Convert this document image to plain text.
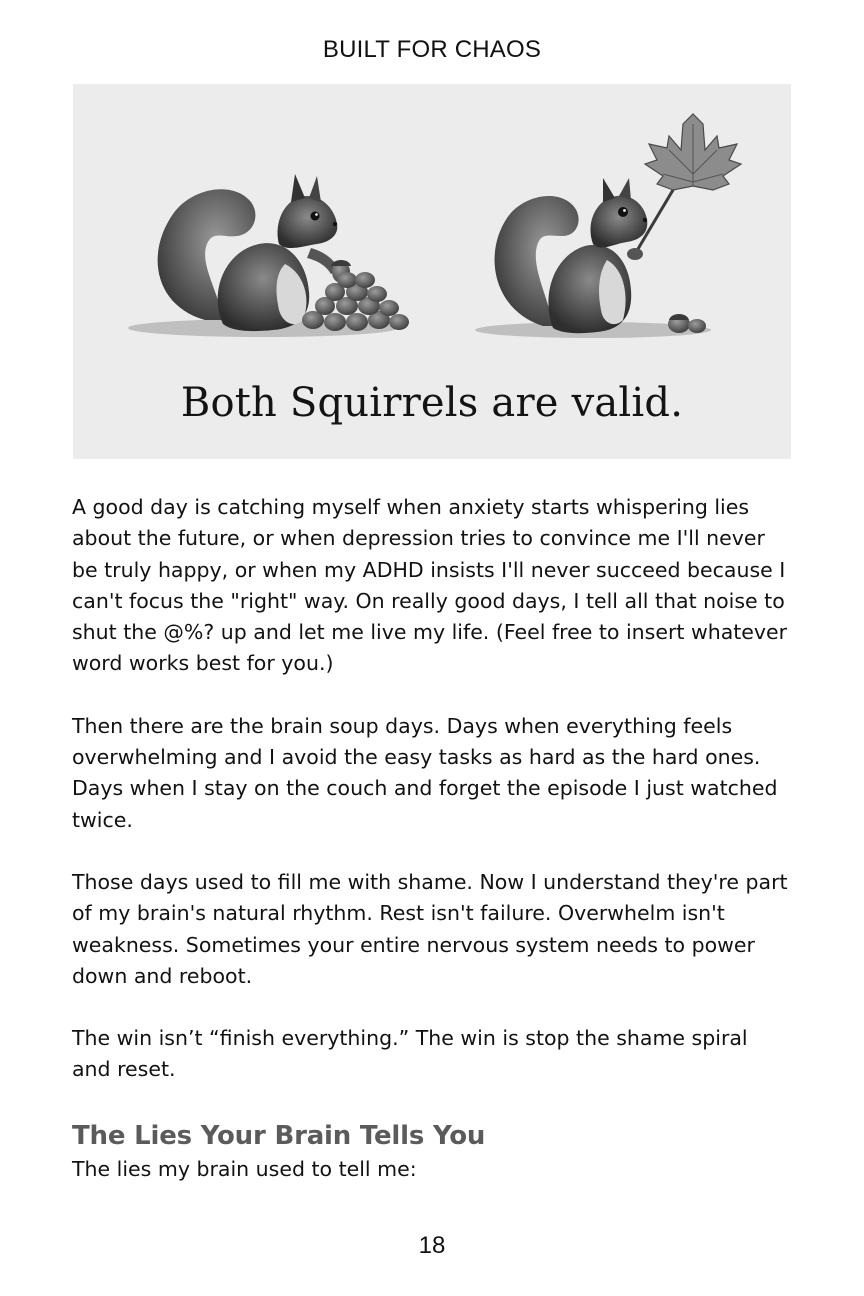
BUILT FOR CHAOS
Both Squirrels are valid.

A good day is catching myself when anxiety starts whispering lies about the future, or when depression tries to convince me I'll never be truly happy, or when my ADHD insists I'll never succeed because I can't focus the "right" way. On really good days, I tell all that noise to shut the @%? up and let me live my life. (Feel free to insert whatever word works best for you.)

Then there are the brain soup days. Days when everything feels overwhelming and I avoid the easy tasks as hard as the hard ones. Days when I stay on the couch and forget the episode I just watched twice.

Those days used to fill me with shame. Now I understand they're part of my brain's natural rhythm. Rest isn't failure. Overwhelm isn't weakness. Sometimes your entire nervous system needs to power down and reboot.

The win isn’t “finish everything.” The win is stop the shame spiral and reset.

The Lies Your Brain Tells You
The lies my brain used to tell me:
18
